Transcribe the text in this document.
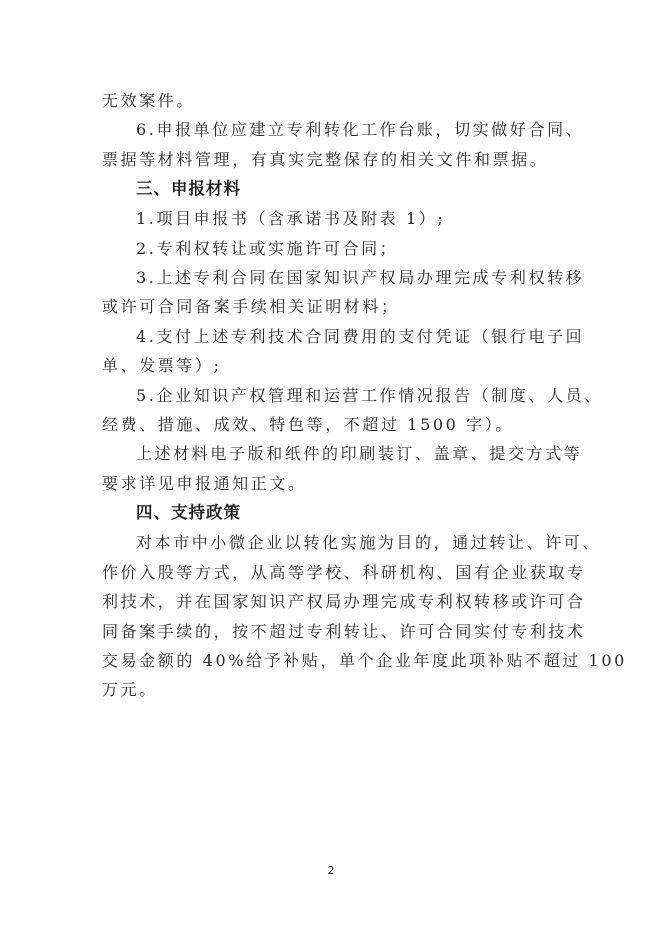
无效案件。

6.申报单位应建立专利转化工作台账，切实做好合同、
票据等材料管理，有真实完整保存的相关文件和票据。

三、申报材料

1.项目申报书（含承诺书及附表 1）;

2.专利权转让或实施许可合同；

3.上述专利合同在国家知识产权局办理完成专利权转移
或许可合同备案手续相关证明材料；

4.支付上述专利技术合同费用的支付凭证（银行电子回
单、发票等）;

5.企业知识产权管理和运营工作情况报告（制度、人员、
经费、措施、成效、特色等，不超过 1500 字）。

上述材料电子版和纸件的印刷装订、盖章、提交方式等
要求详见申报通知正文。

四、支持政策

对本市中小微企业以转化实施为目的，通过转让、许可、
作价入股等方式，从高等学校、科研机构、国有企业获取专
利技术，并在国家知识产权局办理完成专利权转移或许可合
同备案手续的，按不超过专利转让、许可合同实付专利技术
交易金额的 40%给予补贴，单个企业年度此项补贴不超过 100
万元。

2
